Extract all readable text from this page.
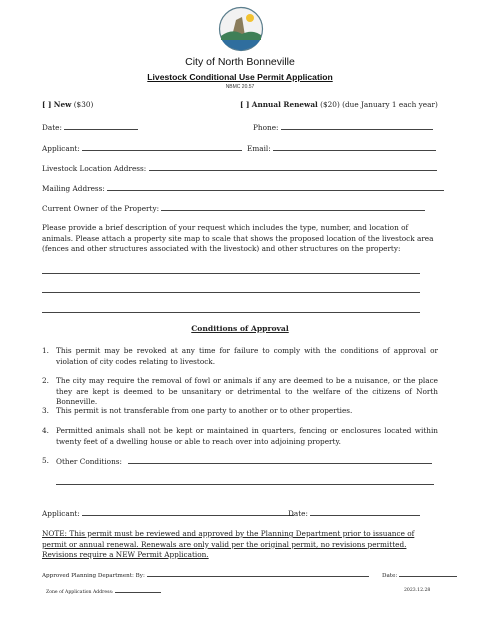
City of North Bonneville
Livestock Conditional Use Permit Application
NBMC 20.57
[ ] New ($30)	[ ] Annual Renewal ($20) (due January 1 each year)
Date:	Phone:
Applicant:	Email:
Livestock Location Address:
Mailing Address:
Current Owner of the Property:
Please provide a brief description of your request which includes the type, number, and location of animals. Please attach a property site map to scale that shows the proposed location of the livestock area (fences and other structures associated with the livestock) and other structures on the property:
Conditions of Approval
1. This permit may be revoked at any time for failure to comply with the conditions of approval or violation of city codes relating to livestock.
2. The city may require the removal of fowl or animals if any are deemed to be a nuisance, or the place they are kept is deemed to be unsanitary or detrimental to the welfare of the citizens of North Bonneville.
3. This permit is not transferable from one party to another or to other properties.
4. Permitted animals shall not be kept or maintained in quarters, fencing or enclosures located within twenty feet of a dwelling house or able to reach over into adjoining property.
5. Other Conditions:
Applicant:	Date:
NOTE: This permit must be reviewed and approved by the Planning Department prior to issuance of permit or annual renewal. Renewals are only valid per the original permit, no revisions permitted. Revisions require a NEW Permit Application.
Approved Planning Department: By:	Date:
Zone of Application Address:	2023.12.28
